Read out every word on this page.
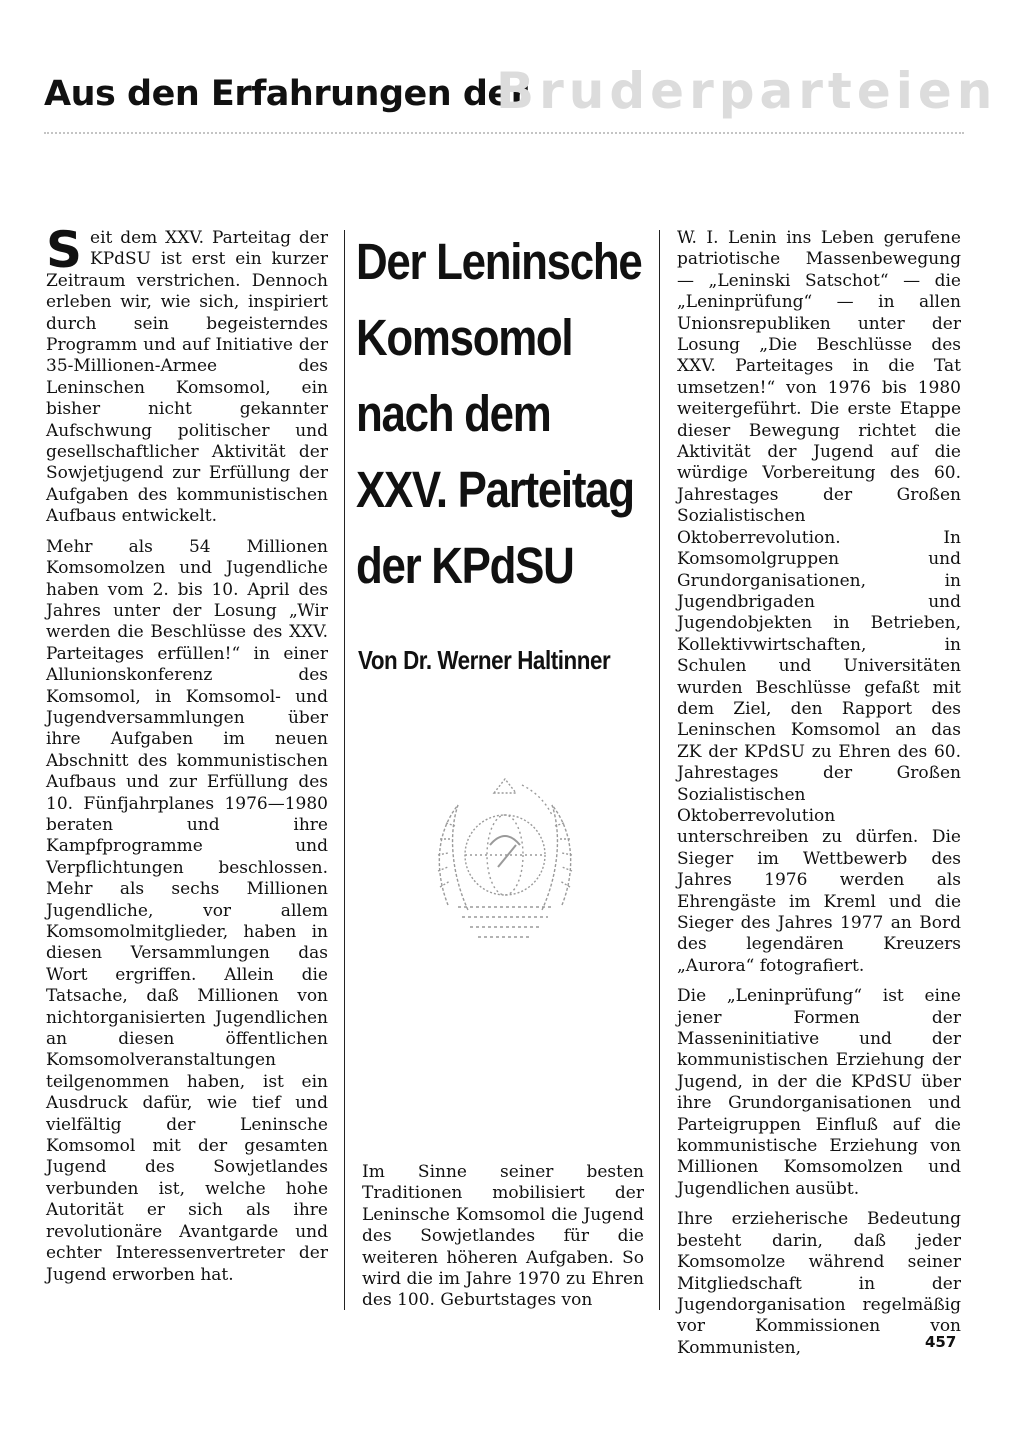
Aus den Erfahrungen der
Bruderparteien

Seit dem XXV. Parteitag der KPdSU ist erst ein kurzer Zeitraum verstrichen. Dennoch erleben wir, wie sich, inspiriert durch sein begeisterndes Programm und auf Initiative der 35-Millionen-Armee des Leninschen Komsomol, ein bisher nicht gekannter Aufschwung politischer und gesellschaftlicher Aktivität der Sowjetjugend zur Erfüllung der Aufgaben des kommunistischen Aufbaus entwickelt.

Mehr als 54 Millionen Komsomolzen und Jugendliche haben vom 2. bis 10. April des Jahres unter der Losung „Wir werden die Beschlüsse des XXV. Parteitages erfüllen!“ in einer Allunionskonferenz des Komsomol, in Komsomol- und Jugendversammlungen über ihre Aufgaben im neuen Abschnitt des kommunistischen Aufbaus und zur Erfüllung des 10. Fünfjahrplanes 1976—1980 beraten und ihre Kampfprogramme und Verpflichtungen beschlossen. Mehr als sechs Millionen Jugendliche, vor allem Komsomolmitglieder, haben in diesen Versammlungen das Wort ergriffen. Allein die Tatsache, daß Millionen von nichtorganisierten Jugendlichen an diesen öffentlichen Komsomolveranstaltungen teilgenommen haben, ist ein Ausdruck dafür, wie tief und vielfältig der Leninsche Komsomol mit der gesamten Jugend des Sowjetlandes verbunden ist, welche hohe Autorität er sich als ihre revolutionäre Avantgarde und echter Interessenvertreter der Jugend erworben hat.

Der Leninsche
Komsomol
nach dem
XXV. Parteitag
der KPdSU
Von Dr. Werner Haltinner

Im Sinne seiner besten Traditionen mobilisiert der Leninsche Komsomol die Jugend des Sowjetlandes für die weiteren höheren Aufgaben. So wird die im Jahre 1970 zu Ehren des 100. Geburtstages von

W. I. Lenin ins Leben gerufene patriotische Massenbewegung — „Leninski Satschot“ — die „Leninprüfung“ — in allen Unionsrepubliken unter der Losung „Die Beschlüsse des XXV. Parteitages in die Tat umsetzen!“ von 1976 bis 1980 weitergeführt. Die erste Etappe dieser Bewegung richtet die Aktivität der Jugend auf die würdige Vorbereitung des 60. Jahrestages der Großen Sozialistischen Oktoberrevolution. In Komsomolgruppen und Grundorganisationen, in Jugendbrigaden und Jugendobjekten in Betrieben, Kollektivwirtschaften, in Schulen und Universitäten wurden Beschlüsse gefaßt mit dem Ziel, den Rapport des Leninschen Komsomol an das ZK der KPdSU zu Ehren des 60. Jahrestages der Großen Sozialistischen Oktoberrevolution unterschreiben zu dürfen. Die Sieger im Wettbewerb des Jahres 1976 werden als Ehrengäste im Kreml und die Sieger des Jahres 1977 an Bord des legendären Kreuzers „Aurora“ fotografiert.

Die „Leninprüfung“ ist eine jener Formen der Masseninitiative und der kommunistischen Erziehung der Jugend, in der die KPdSU über ihre Grundorganisationen und Parteigruppen Einfluß auf die kommunistische Erziehung von Millionen Komsomolzen und Jugendlichen ausübt.

Ihre erzieherische Bedeutung besteht darin, daß jeder Komsomolze während seiner Mitgliedschaft in der Jugendorganisation regelmäßig vor Kommissionen von Kommunisten,	457
